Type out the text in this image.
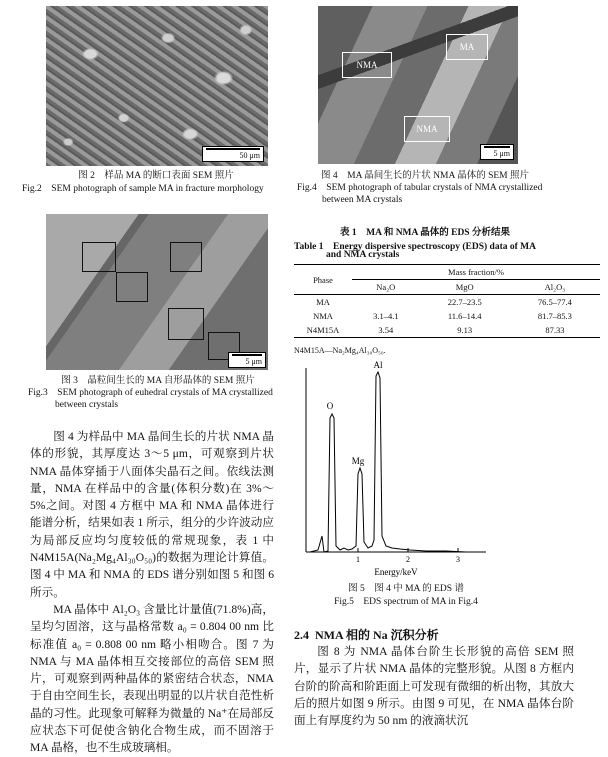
50 μm
图 2　样品 MA 的断口表面 SEM 照片
Fig.2　SEM photograph of sample MA in fracture morphology
NMA
MA
NMA
5 μm
图 4　MA 晶间生长的片状 NMA 晶体的 SEM 照片
Fig.4　SEM photograph of tabular crystals of NMA crystallized
between MA crystals
表 1　MA 和 NMA 晶体的 EDS 分析结果
Table 1　Energy dispersive spectroscopy (EDS) data of MA
and NMA crystals
Phase	Mass fraction/%		
	Na₂O	MgO	Al₂O₃
MA		22.7–23.5	76.5–77.4
NMA	3.1–4.1	11.6–14.4	81.7–85.3
N4M15A	3.54	9.13	87.33
N4M15A—Na₂Mg₄Al₃₀O₅₀.
5 μm
图 3　晶粒间生长的 MA 自形晶体的 SEM 照片
Fig.3　SEM photograph of euhedral crystals of MA crystallized
between crystals	O
Mg
Al
1	2	3
Energy/keV
图 5　图 4 中 MA 的 EDS 谱
Fig.5　EDS spectrum of MA in Fig.4

图 4 为样品中 MA 晶间生长的片状 NMA 晶体的形貌，其厚度达 3～5 μm，可观察到片状 NMA 晶体穿插于八面体尖晶石之间。依线法测量，NMA 在样品中的含量(体积分数)在 3%～5%之间。对图 4 方框中 MA 和 NMA 晶体进行能谱分析，结果如表 1 所示，组分的少许波动应为局部反应均匀度较低的常规现象，表 1 中 N4M15A(Na₂Mg₄Al₃₀O₅₀)的数据为理论计算值。图 4 中 MA 和 NMA 的 EDS 谱分别如图 5 和图 6 所示。

MA 晶体中 Al₂O₃ 含量比计量值(71.8%)高，呈均匀固溶，这与晶格常数 a₀ = 0.804 00 nm 比标准值 a₀ = 0.808 00 nm 略小相吻合。图 7 为 NMA 与 MA 晶体相互交接部位的高倍 SEM 照片，可观察到两种晶体的紧密结合状态，NMA 于自由空间生长，表现出明显的以片状自范性析晶的习性。此现象可解释为微量的 Na⁺在局部反应状态下可促使含钠化合物生成，而不固溶于 MA 晶格，也不生成玻璃相。

2.4 NMA 相的 Na 沉积分析

图 8 为 NMA 晶体台阶生长形貌的高倍 SEM 照片，显示了片状 NMA 晶体的完整形貌。从图 8 方框内台阶的阶高和阶距面上可发现有微细的析出物，其放大后的照片如图 9 所示。由图 9 可见，在 NMA 晶体台阶面上有厚度约为 50 nm 的液滴状沉
